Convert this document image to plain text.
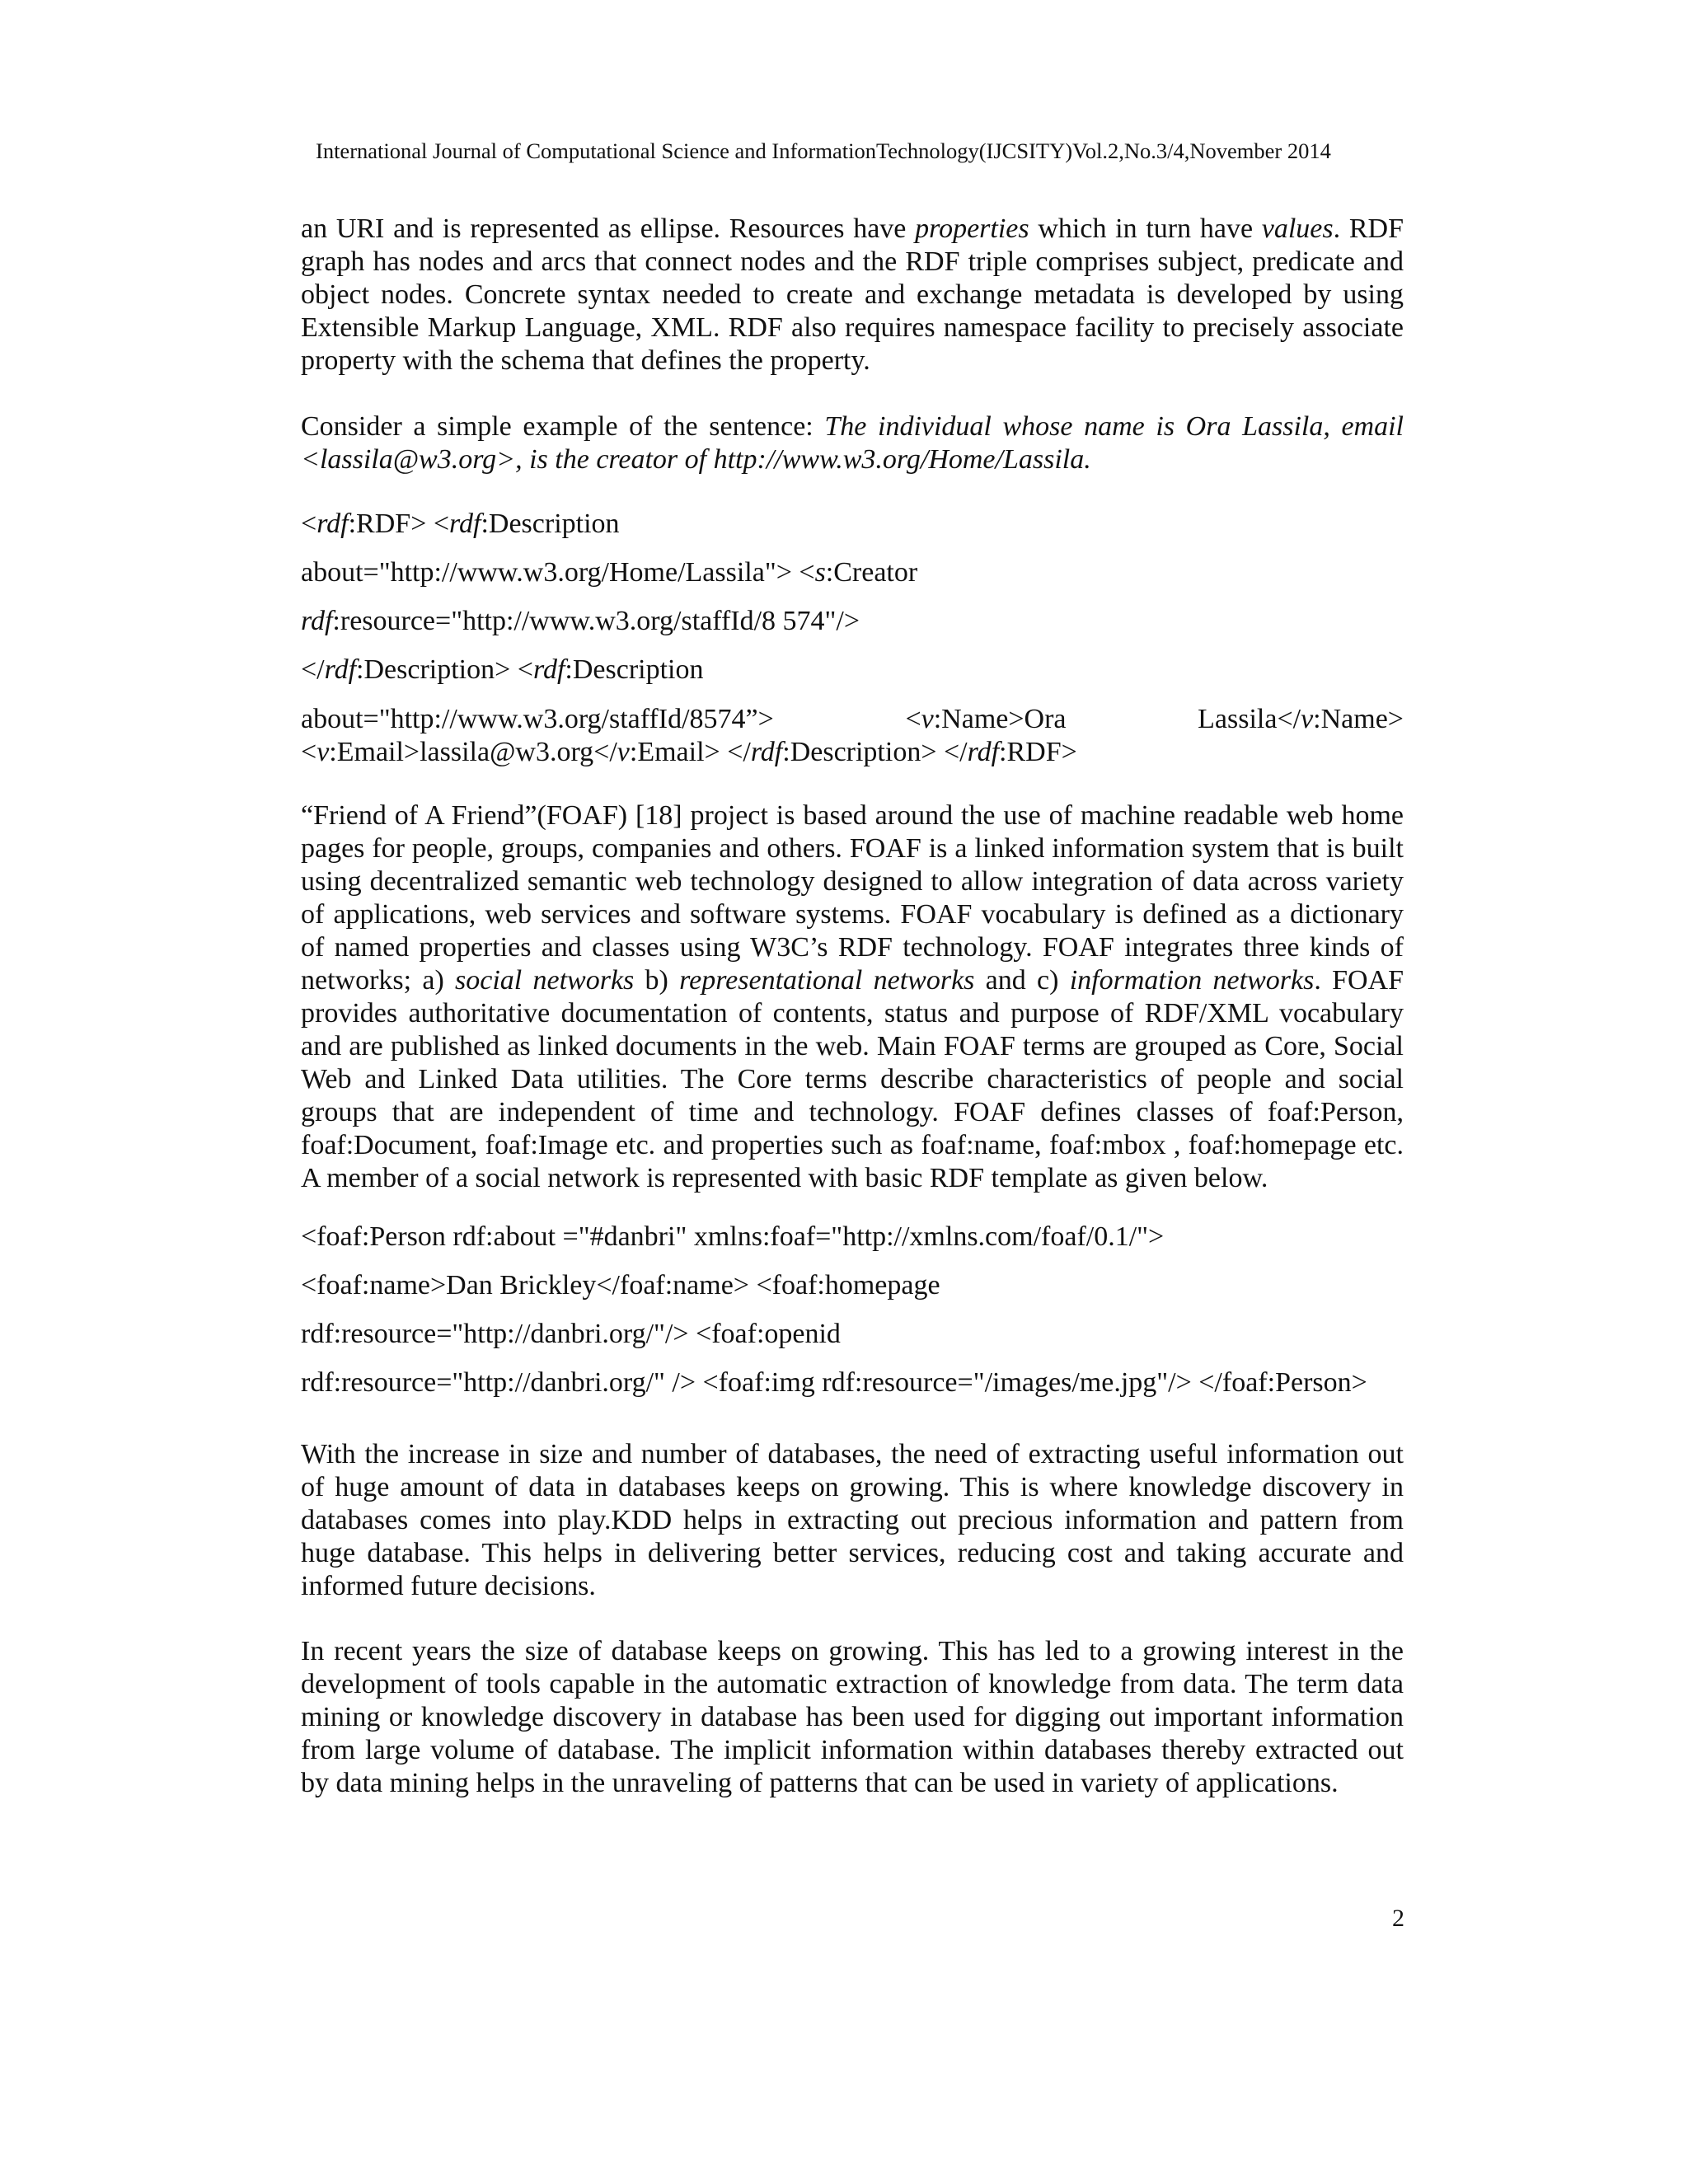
International Journal of Computational Science and InformationTechnology(IJCSITY)Vol.2,No.3/4,November 2014

an URI and is represented as ellipse. Resources have properties which in turn have values. RDF graph has nodes and arcs that connect nodes and the RDF triple comprises subject, predicate and object nodes. Concrete syntax needed to create and exchange metadata is developed by using Extensible Markup Language, XML. RDF also requires namespace facility to precisely associate property with the schema that defines the property.

Consider a simple example of the sentence: The individual whose name is Ora Lassila, email <lassila@w3.org>, is the creator of http://www.w3.org/Home/Lassila.

<rdf:RDF> <rdf:Description
about="http://www.w3.org/Home/Lassila"> <s:Creator
rdf:resource="http://www.w3.org/staffId/8 574"/>
</rdf:Description> <rdf:Description
about="http://www.w3.org/staffId/8574”>	<v:Name>Ora	Lassila</v:Name>
<v:Email>lassila@w3.org</v:Email> </rdf:Description> </rdf:RDF>

“Friend of A Friend”(FOAF) [18] project is based around the use of machine readable web home pages for people, groups, companies and others. FOAF is a linked information system that is built using decentralized semantic web technology designed to allow integration of data across variety of applications, web services and software systems. FOAF vocabulary is defined as a dictionary of named properties and classes using W3C’s RDF technology. FOAF integrates three kinds of networks; a) social networks b) representational networks and c) information networks. FOAF provides authoritative documentation of contents, status and purpose of RDF/XML vocabulary and are published as linked documents in the web. Main FOAF terms are grouped as Core, Social Web and Linked Data utilities. The Core terms describe characteristics of people and social groups that are independent of time and technology. FOAF defines classes of foaf:Person, foaf:Document, foaf:Image etc. and properties such as foaf:name, foaf:mbox , foaf:homepage etc. A member of a social network is represented with basic RDF template as given below.

<foaf:Person rdf:about ="#danbri" xmlns:foaf="http://xmlns.com/foaf/0.1/">
<foaf:name>Dan Brickley</foaf:name> <foaf:homepage
rdf:resource="http://danbri.org/"/> <foaf:openid
rdf:resource="http://danbri.org/" /> <foaf:img rdf:resource="/images/me.jpg"/> </foaf:Person>

With the increase in size and number of databases, the need of extracting useful information out of huge amount of data in databases keeps on growing. This is where knowledge discovery in databases comes into play.KDD helps in extracting out precious information and pattern from huge database. This helps in delivering better services, reducing cost and taking accurate and informed future decisions.

In recent years the size of database keeps on growing. This has led to a growing interest in the development of tools capable in the automatic extraction of knowledge from data. The term data mining or knowledge discovery in database has been used for digging out important information from large volume of database. The implicit information within databases thereby extracted out by data mining helps in the unraveling of patterns that can be used in variety of applications.

2
